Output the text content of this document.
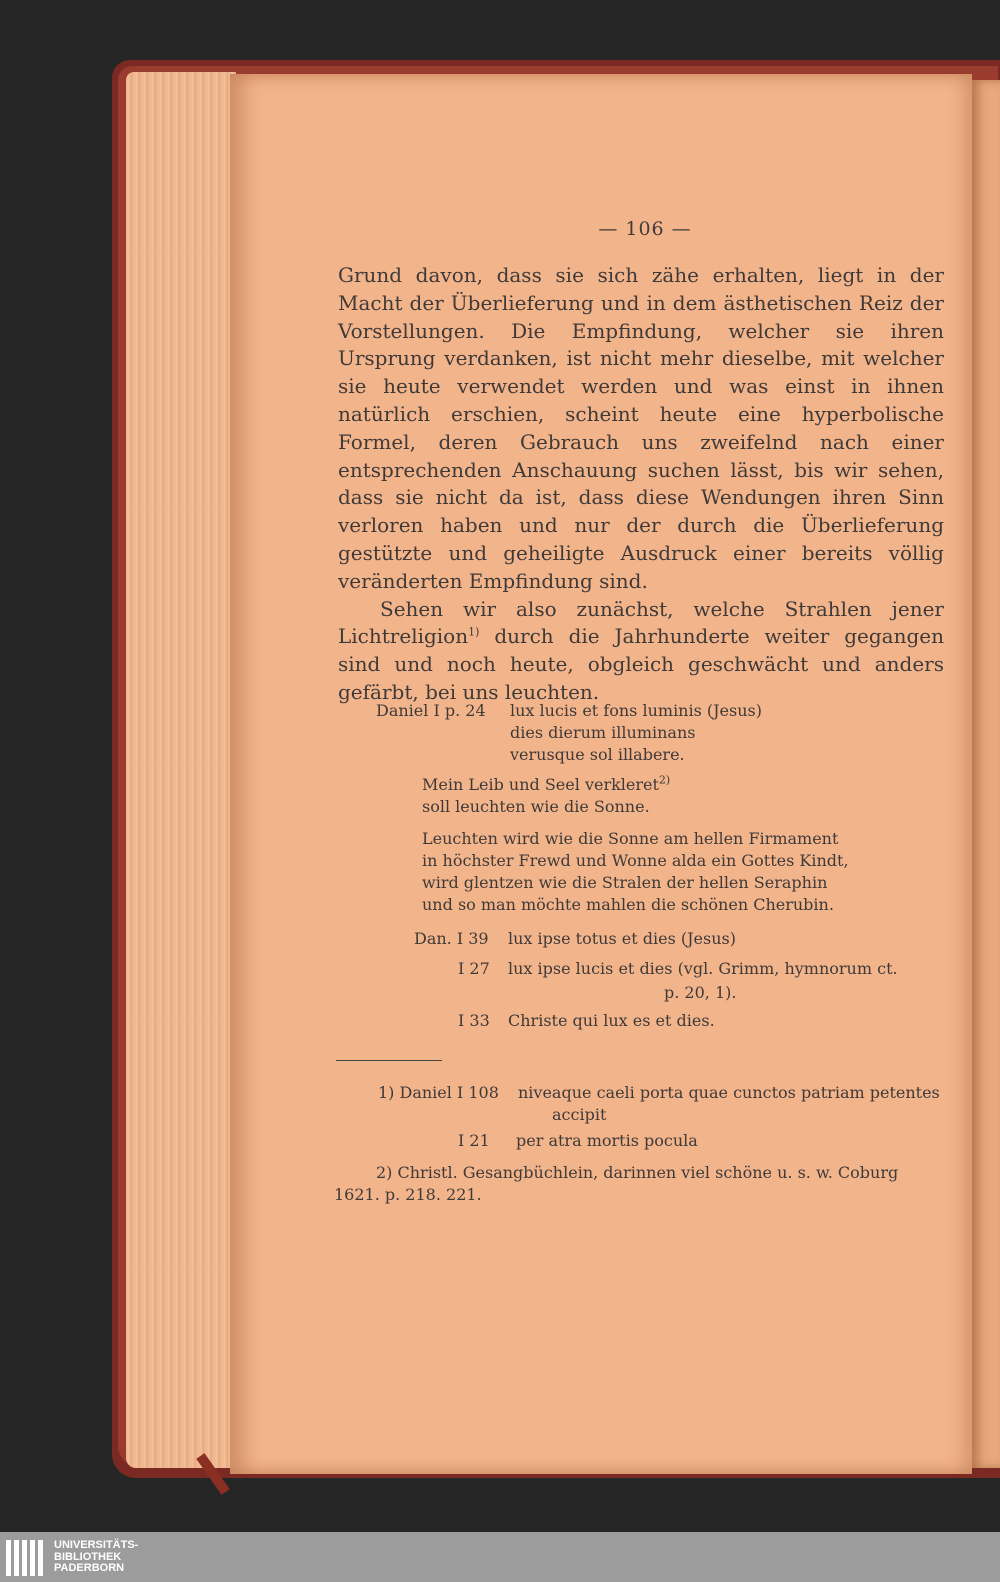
— 106 —

Grund davon, dass sie sich zähe erhalten, liegt in der Macht der Überlieferung und in dem ästhetischen Reiz der Vorstellungen. Die Empfindung, welcher sie ihren Ursprung verdanken, ist nicht mehr dieselbe, mit welcher sie heute verwendet werden und was einst in ihnen natürlich erschien, scheint heute eine hyperbolische Formel, deren Gebrauch uns zweifelnd nach einer entsprechenden Anschauung suchen lässt, bis wir sehen, dass sie nicht da ist, dass diese Wendungen ihren Sinn verloren haben und nur der durch die Überlieferung gestützte und geheiligte Ausdruck einer bereits völlig veränderten Empfindung sind.

Sehen wir also zunächst, welche Strahlen jener Lichtreligion$^{1)}$ durch die Jahrhunderte weiter gegangen sind und noch heute, obgleich geschwächt und anders gefärbt, bei uns leuchten.

Daniel I p. 24 lux lucis et fons luminis (Jesus)
dies dierum illuminans
verusque sol illabere.
Mein Leib und Seel verkleret$^{2)}$
soll leuchten wie die Sonne.
Leuchten wird wie die Sonne am hellen Firmament
in höchster Frewd und Wonne alda ein Gottes Kindt,
wird glentzen wie die Stralen der hellen Seraphin
und so man möchte mahlen die schönen Cherubin.
Dan. I 39 lux ipse totus et dies (Jesus)
I 27 lux ipse lucis et dies (vgl. Grimm, hymnorum ct.
p. 20, 1).
I 33 Christe qui lux es et dies.
1) Daniel I 108 niveaque caeli porta quae cunctos patriam petentes
accipit
I 21 per atra mortis pocula
2) Christl. Gesangbüchlein, darinnen viel schöne u. s. w. Coburg
1621. p. 218. 221.
UNIVERSITÄTS-
BIBLIOTHEK
PADERBORN
